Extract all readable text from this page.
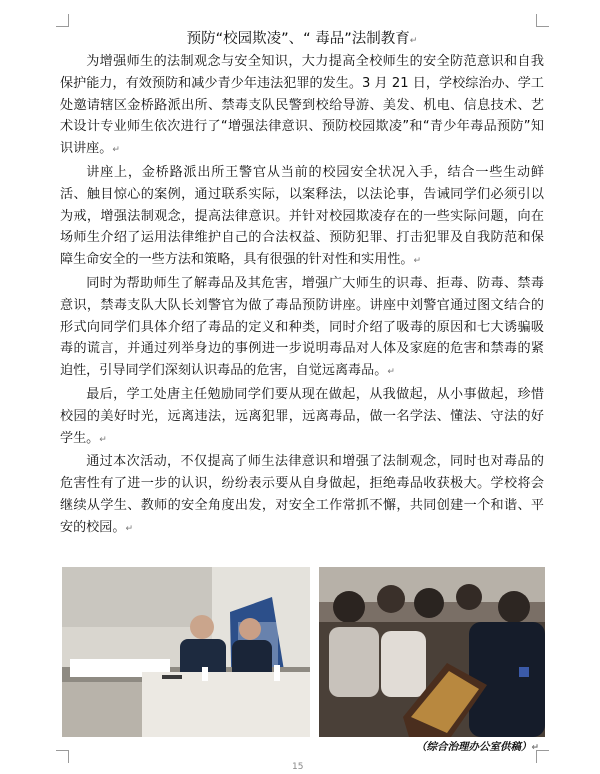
预防“校园欺凌”、“ 毒品”法制教育↵

为增强师生的法制观念与安全知识，大力提高全校师生的安全防范意识和自我保护能力，有效预防和减少青少年违法犯罪的发生。3 月 21 日，学校综治办、学工处邀请辖区金桥路派出所、禁毒支队民警到校给导游、美发、机电、信息技术、艺术设计专业师生依次进行了“增强法律意识、预防校园欺凌”和“青少年毒品预防”知识讲座。↵

讲座上，金桥路派出所王警官从当前的校园安全状况入手，结合一些生动鲜活、触目惊心的案例，通过联系实际，以案释法，以法论事，告诫同学们必须引以为戒，增强法制观念，提高法律意识。并针对校园欺凌存在的一些实际问题，向在场师生介绍了运用法律维护自己的合法权益、预防犯罪、打击犯罪及自我防范和保障生命安全的一些方法和策略，具有很强的针对性和实用性。↵

同时为帮助师生了解毒品及其危害，增强广大师生的识毒、拒毒、防毒、禁毒意识，禁毒支队大队长刘警官为做了毒品预防讲座。讲座中刘警官通过图文结合的形式向同学们具体介绍了毒品的定义和种类，同时介绍了吸毒的原因和七大诱骗吸毒的谎言，并通过列举身边的事例进一步说明毒品对人体及家庭的危害和禁毒的紧迫性，引导同学们深刻认识毒品的危害，自觉远离毒品。↵

最后，学工处唐主任勉励同学们要从现在做起，从我做起，从小事做起，珍惜校园的美好时光，远离违法，远离犯罪，远离毒品，做一名学法、懂法、守法的好学生。↵

通过本次活动，不仅提高了师生法律意识和增强了法制观念，同时也对毒品的危害性有了进一步的认识，纷纷表示要从自身做起，拒绝毒品收获极大。学校将会继续从学生、教师的安全角度出发，对安全工作常抓不懈，共同创建一个和谐、平安的校园。↵

（综合治理办公室供稿）↵
15
